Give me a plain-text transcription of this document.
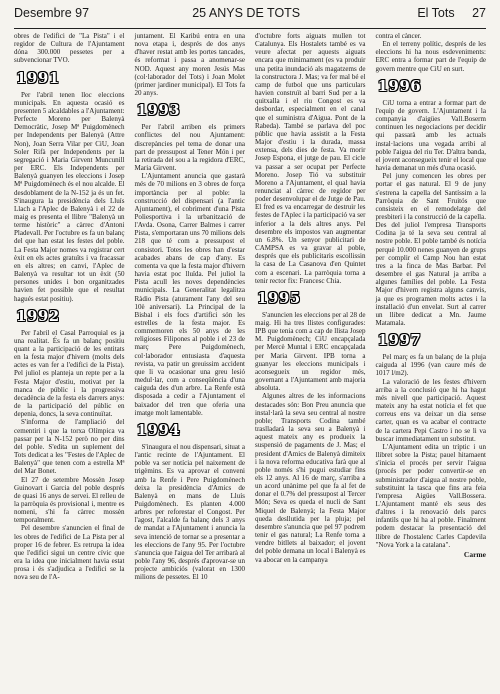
Desembre 97	25 ANYS DE TOTS	El Tots 27

obres de l'edifici de "La Pista" i el regidor de Cultura de l'Ajuntament dóna 300.000 pessetes per a subvencionar TVO.

1991

Per l'abril tenen lloc eleccions municipals. En aquesta ocasió es presenten 5 alcaldables a l'Ajuntament: Perfecte Moreno per Balenyà Democràtic, Josep Mª Puigdomènech per Independents per Balenyà (Attre Non), Joan Serra Vilar per CiU, Joan Soler Rifà per Independents per la segregació i Maria Girvent Muncunill per ERC. Els Independents per Balenyà guanyen les eleccions i Josep Mª Puigdomènech és el nou alcalde. El desdoblament de la N-152 ja és un fet. S'inaugura la presidència dels Lluís Llach a l'Aplec de Balenyà i el 22 de maig es presenta el llibre "Balenyà un terme històric" a càrrec d'Antoni Pladevall. Per l'octubre es fa un balanç del que han estat les festes del poble. La Festa Major nomes va registrar cert èxit en els actes gratuïts i va fracassar en els altres; en canvi, l'Aplec de Balenyà va resultar tot un èxit (50 persones unides i bon organitzades havien fet possible que el resultat hagués estat positiu).

1992

Per l'abril el Casal Parroquial es ja una realitat. És fa un balanç positiu quant a la participació de les entitats en la festa major d'hivern (molts dels actes es van fer a l'edifici de la Pista). Pel juliol es planteja un repte per a la Festa Major d'estiu, motivat per la manca de públic i la progressiva decadència de la festa els darrers anys: de la participació del públic en depenia, doncs, la seva continuïtat.

S'informa de l'ampliació del cementiri i que la torxa Olímpica va passar per la N-152 però no per dins del poble. S'edita un suplement del Tots dedicat a les "Festes de l'Aplec de Balenyà" que tenen com a estrella Mª del Mar Bonet.

El 27 de setembre Mossèn Josep Guinovart i Garcia del poble després de quasi 16 anys de servei. El relleu de la parròquia és provisional i, mentre es nomeni, s'hi fa càrrec mossèn temporalment.

Pel desembre s'anuncien el final de les obres de l'edifici de La Pista per al proper 16 de febrer. Es retrupa la idea que l'edifici sigui un centre cívic que era la idea que inicialment havia estat prosa i és s'adjudica a l'edifici se la nova seu de l'A-

juntament. El Karibú entra en una nova etapa i, després de dos anys d'haver restat amb les portes tancades, és reformat i passa a anomenar-se NOD. Aquest any moren Jesús Mas (col·laborador del Tots) i Joan Molet (primer jardiner municipal). El Tots fa 20 anys.

1993

Per l'abril arriben els primers conflictes del nou Ajuntament: discrepàncies pel tema de donar una part de pressupost al Tener Món i per la retirada del sou a la regidora d'ERC, Maria Girvent.

L'Ajuntament anuncia que gastarà més de 70 milions en 3 obres de força importància per al poble: la construcció del dispensari (a l'antic Ajuntament), el cobriment d'una Pista Poliesportiva i la urbanització de l'Avda. Osona, Carrer Balmes i carrer Pista, s'emportaran uns 70 milions dels 218 que té com a pressupost el consistori. Totes les obres han d'estar acabades abans de cap d'any. Es comenta va que la festa major d'hivern havia estat poc lluïda. Pel juliol la Pista acull les noves dependències municipals. La Generalitat legalitza Ràdio Pista (aturament l'any del seu 10è aniversari). La Principal de la Bisbal i els focs d'artifici són les estrelles de la festa major. Es commemoren els 50 anys de les religioses Filipones al poble i el 23 de març Pere Puigdomènech, col·laborador entusiasta d'aquesta revista, va patir un greuissim accident que li va ocasionar una greu lesió medul·lar, com a conseqüència d'una caiguda des d'un arbre. La Renfe està disposada a cedir a l'Ajuntament el baixador del tren que oferia una imatge molt lamentable.

1994

S'inaugura el nou dispensari, situat a l'antic recinte de l'Ajuntament. El poble va ser notícia pel naixement de trigèmins. Es va aprovar el conveni amb la Renfe i Pere Puigdomènech deixa la presidència d'Amics de Balenyà en mans de Lluís Puigdomènech. Es planten 4.000 arbres per reforestar el Congost. Per l'agost, l'alcalde fa balanç dels 3 anys de mandat a l'Ajuntament i anuncia la seva intenció de tornar se a presentar a les eleccions de l'any 95. Per l'octubre s'anuncia que l'aigua del Ter arribarà al poble l'any 96, després d'aprovar-se un projecte ambiciós (valorat en 1300 milions de pessetes. El 10

d'octubre forts aiguats mullen tot Catalunya. Els Hostalets també es va veure afectat per aquests aiguats encara que minimament (es va produir una petita inundació als magatzems de la constructora J. Mas; va fer mal bé el camp de futbol que uns particulars havien construït al barri Sud per a la quitxalla i el riu Congost es va desbordar, especialment en el canal que el suministra d'Aigua. Pont de la Rabeda). També se parlava del poc públic que havia assistit a la Festa Major d'estiu i la durada, massa extensa, dels dies de festa. Va morir Josep Espona, el jutge de pau. El cicle va passar a ser ocupat per Perfecte Moreno. Josep Tió va substituir Moreno a l'Ajuntament, el qual havia renunciat al càrrec de regidor per poder desenvolupar el de Jutge de Pau. El fred es va encarregar de destruir les festes de l'Aplec i la participació va ser inferior a la dels altres anys. Pel desembre els impostos van augmentar un 6.8%. Un senyor publicitari de CAMPSA es va gravar al poble, després que els publicitaris escollissin la casa de La Casanova d'en Quintet com a escenari. La parròquia torna a tenir rector fix: Francesc Chia.

1995

S'anuncien les eleccions per al 28 de maig. Hi ha tres llistes configurades: IPB que tenia com a cap de llista Josep M. Puigdomènech; CiU encapçalada per Mercè Muntal i ERC encapçalada per Maria Girvent. IPB torna a guanyar les eleccions municipals i aconsegueix un regidor més, governant a l'Ajuntament amb majoria absoluta.

Algunes altres de les informacions destacades són: Bon Preu anuncia que instal·larà la seva seu central al nostre poble; Transports Codina també traslladarà la seva seu a Balenyà i aquest mateix any es produeix la suspensió de pagaments de J. Mas; el president d'Amics de Balenyà dimiteix i la nova reforma educativa farà que al poble només s'hi pugui estudiar fins els 12 anys. Al 16 de març, s'arriba a un acord unànime pel que fa al fet de donar el 0.7% del pressupost al Tercer Món; Seva es queda el nucli de Sant Miquel de Balenyà; la Festa Major queda desllutida per la pluja; pel desembre s'anuncia que pel 97 podrem tenir el gas natural; La Renfe torna a vendre bitllets al baixador; el jovent del poble demana un local i Balenyà es va abocar en la campanya

contra el càncer.

En el terreny polític, després de les eleccions hi ha nous esdeveniments: ERC entra a formar part de l'equip de govern mentre que CiU en surt.

1996

CiU torna a entrar a formar part de l'equip de govern. L'Ajuntament i la companyia d'aigües Vall.Boserm continuen les negociacions per decidir qui passarà amb les actuals instal·lacions una vegada arribi al poble l'aigua del riu Ter. D'altra banda, el jovent aconsegueix tenir el local que havia demanat un més d'una ocasió.

Pel juny comencen les obres per portar el gas natural. El 9 de juny s'estrena la capella del Santíssim a la Parròquia de Sant Fruitós que consisteix en el remodelatge del presbiteri i la construcció de la capella. Des del juliol l'empresa Transports Codina ja té la seva seu central al nostre poble. El poble també és notícia perquè 10.000 nenes guanyen de grups per complir el Camp Nou han estat tres a la finca de Mas Barbar. Pel desembre el gas Natural ja arriba a algunes famílies del poble. La Festa Major d'hivern registra alguns canvis, ja que es programen molts actes i la installació d'un envelat. Surt al carrer un llibre dedicat a Mn. Jaume Matamala.

1997

Pel març es fa un balanç de la pluja caiguda al 1996 (van caure més de 1017 l/m2).

La valoració de les festes d'hivern arriba a la conclusió que hi ha hagut més nivell que participació. Aquest mateix any ha estat notícia el fet que correus ens va deixar un dia sense carter, quan es va acabar el contracte de la cartera Pepi Castro i no se li va buscar immediatament un substitut.

L'Ajuntament edita un tríptic i un llibret sobre la Pista; pauel hitamaent s'inicia el procés per servir l'aigua (procés per poder convertir-se en subministrador d'aigua al nostre poble, substituint la tasca que fins ara feia l'empresa Aigües Vall.Bossera. L'Ajuntament manté els seus des d'altres i la renovació dels parcs infantils que hi ha al poble. Finalment podem destacar la presentació del llibre de l'hostalenc Carles Capdevila "Nova York a la catalana".

Carme
